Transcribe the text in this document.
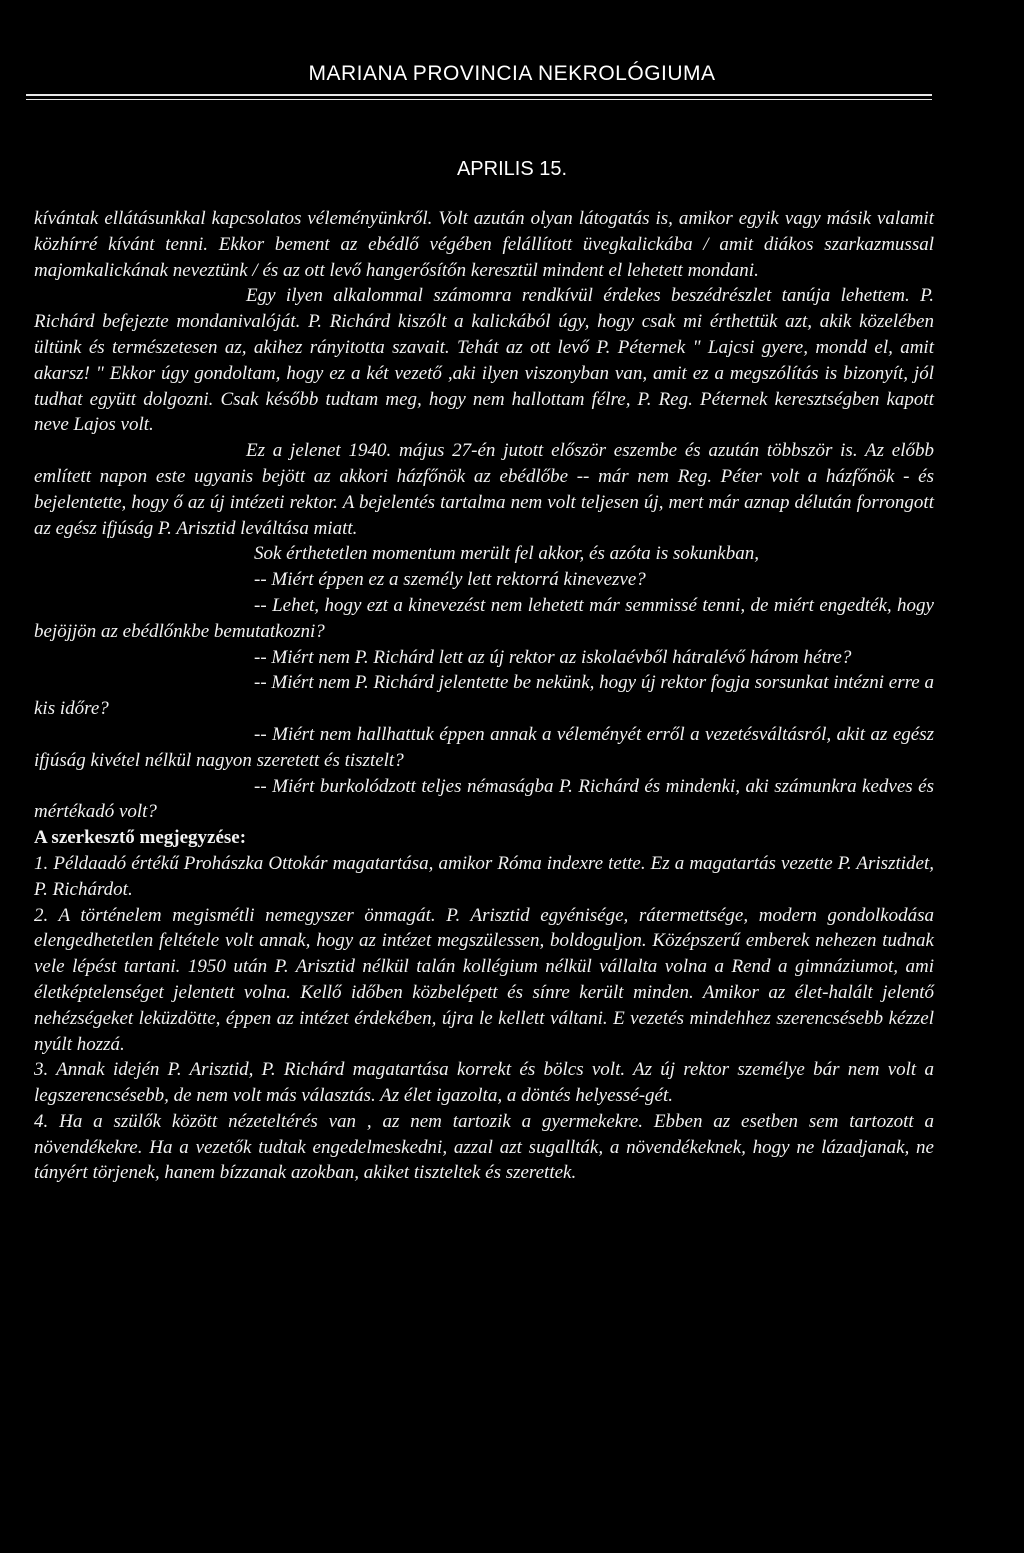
MARIANA PROVINCIA NEKROLÓGIUMA
APRILIS 15.

kívántak ellátásunkkal kapcsolatos véleményünkről. Volt azután olyan látogatás is, amikor egyik vagy másik valamit közhírré kívánt tenni. Ekkor bement az ebédlő végében felállított üvegkalickába / amit diákos szarkazmussal majomkalickának neveztünk / és az ott levő hangerősítőn keresztül mindent el lehetett mondani.

Egy ilyen alkalommal számomra rendkívül érdekes beszédrészlet tanúja lehettem. P. Richárd befejezte mondanivalóját. P. Richárd kiszólt a kalickából úgy, hogy csak mi érthettük azt, akik közelében ültünk és természetesen az, akihez rányitotta szavait. Tehát az ott levő P. Péternek " Lajcsi gyere, mondd el, amit akarsz! " Ekkor úgy gondoltam, hogy ez a két vezető ,aki ilyen viszonyban van, amit ez a megszólítás is bizonyít, jól tudhat együtt dolgozni. Csak később tudtam meg, hogy nem hallottam félre, P. Reg. Péternek keresztségben kapott neve Lajos volt.

Ez a jelenet 1940. május 27-én jutott először eszembe és azután többször is. Az előbb említett napon este ugyanis bejött az akkori házfőnök az ebédlőbe -- már nem Reg. Péter volt a házfőnök - és bejelentette, hogy ő az új intézeti rektor. A bejelentés tartalma nem volt teljesen új, mert már aznap délután forrongott az egész ifjúság P. Arisztid leváltása miatt.

Sok érthetetlen momentum merült fel akkor, és azóta is sokunkban,

-- Miért éppen ez a személy lett rektorrá kinevezve?

-- Lehet, hogy ezt a kinevezést nem lehetett már semmissé tenni, de miért engedték, hogy bejöjjön az ebédlőnkbe bemutatkozni?

-- Miért nem P. Richárd lett az új rektor az iskolaévből hátralévő három hétre?

-- Miért nem P. Richárd jelentette be nekünk, hogy új rektor fogja sorsunkat intézni erre a kis időre?

-- Miért nem hallhattuk éppen annak a véleményét erről a vezetésváltásról, akit az egész ifjúság kivétel nélkül nagyon szeretett és tisztelt?

-- Miért burkolódzott teljes némaságba P. Richárd és mindenki, aki számunkra kedves és mértékadó volt?

A szerkesztő megjegyzése:

1. Példaadó értékű Prohászka Ottokár magatartása, amikor Róma indexre tette. Ez a magatartás vezette P. Arisztidet, P. Richárdot.

2. A történelem megismétli nemegyszer önmagát. P. Arisztid egyénisége, rátermettsége, modern gondolkodása elengedhetetlen feltétele volt annak, hogy az intézet megszülessen, boldoguljon. Középszerű emberek nehezen tudnak vele lépést tartani. 1950 után P. Arisztid nélkül talán kollégium nélkül vállalta volna a Rend a gimnáziumot, ami életképtelenséget jelentett volna. Kellő időben közbelépett és sínre került minden. Amikor az élet-halált jelentő nehézségeket leküzdötte, éppen az intézet érdekében, újra le kellett váltani. E vezetés mindehhez szerencsésebb kézzel nyúlt hozzá.

3. Annak idején P. Arisztid, P. Richárd magatartása korrekt és bölcs volt. Az új rektor személye bár nem volt a legszerencsésebb, de nem volt más választás. Az élet igazolta, a döntés helyessé-gét.

4. Ha a szülők között nézeteltérés van , az nem tartozik a gyermekekre. Ebben az esetben sem tartozott a növendékekre. Ha a vezetők tudtak engedelmeskedni, azzal azt sugallták, a növendékeknek, hogy ne lázadjanak, ne tányért törjenek, hanem bízzanak azokban, akiket tiszteltek és szerettek.
